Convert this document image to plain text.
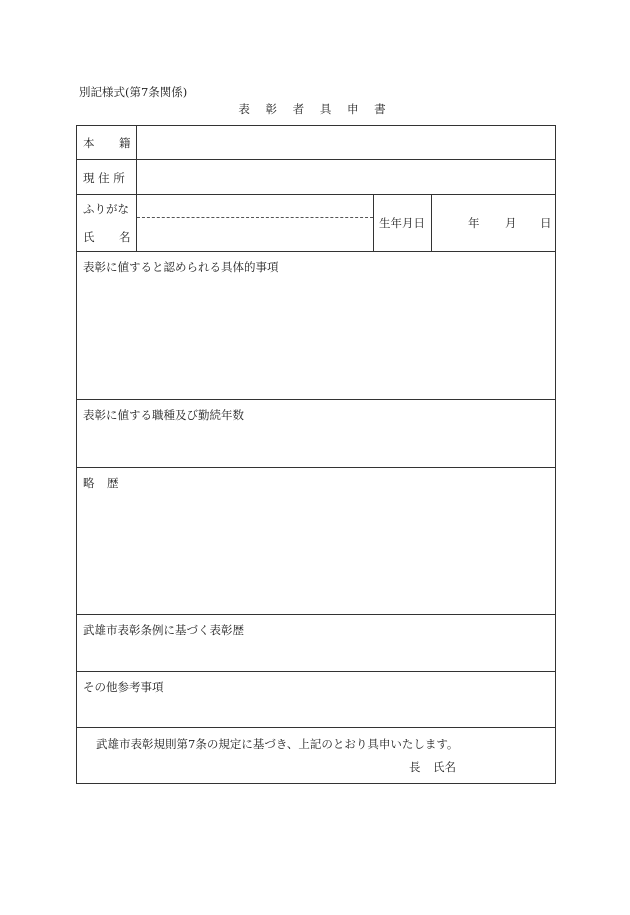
別記様式(第7条関係)
表 彰 者 具 申 書
本 籍
現 住 所
ふりがな
氏 名
生年月日	年 月 日
表彰に値すると認められる具体的事項
表彰に値する職種及び勤続年数
略 歴
武雄市表彰条例に基づく表彰歴
その他参考事項
武雄市表彰規則第7条の規定に基づき、上記のとおり具申いたします。
長 氏名
